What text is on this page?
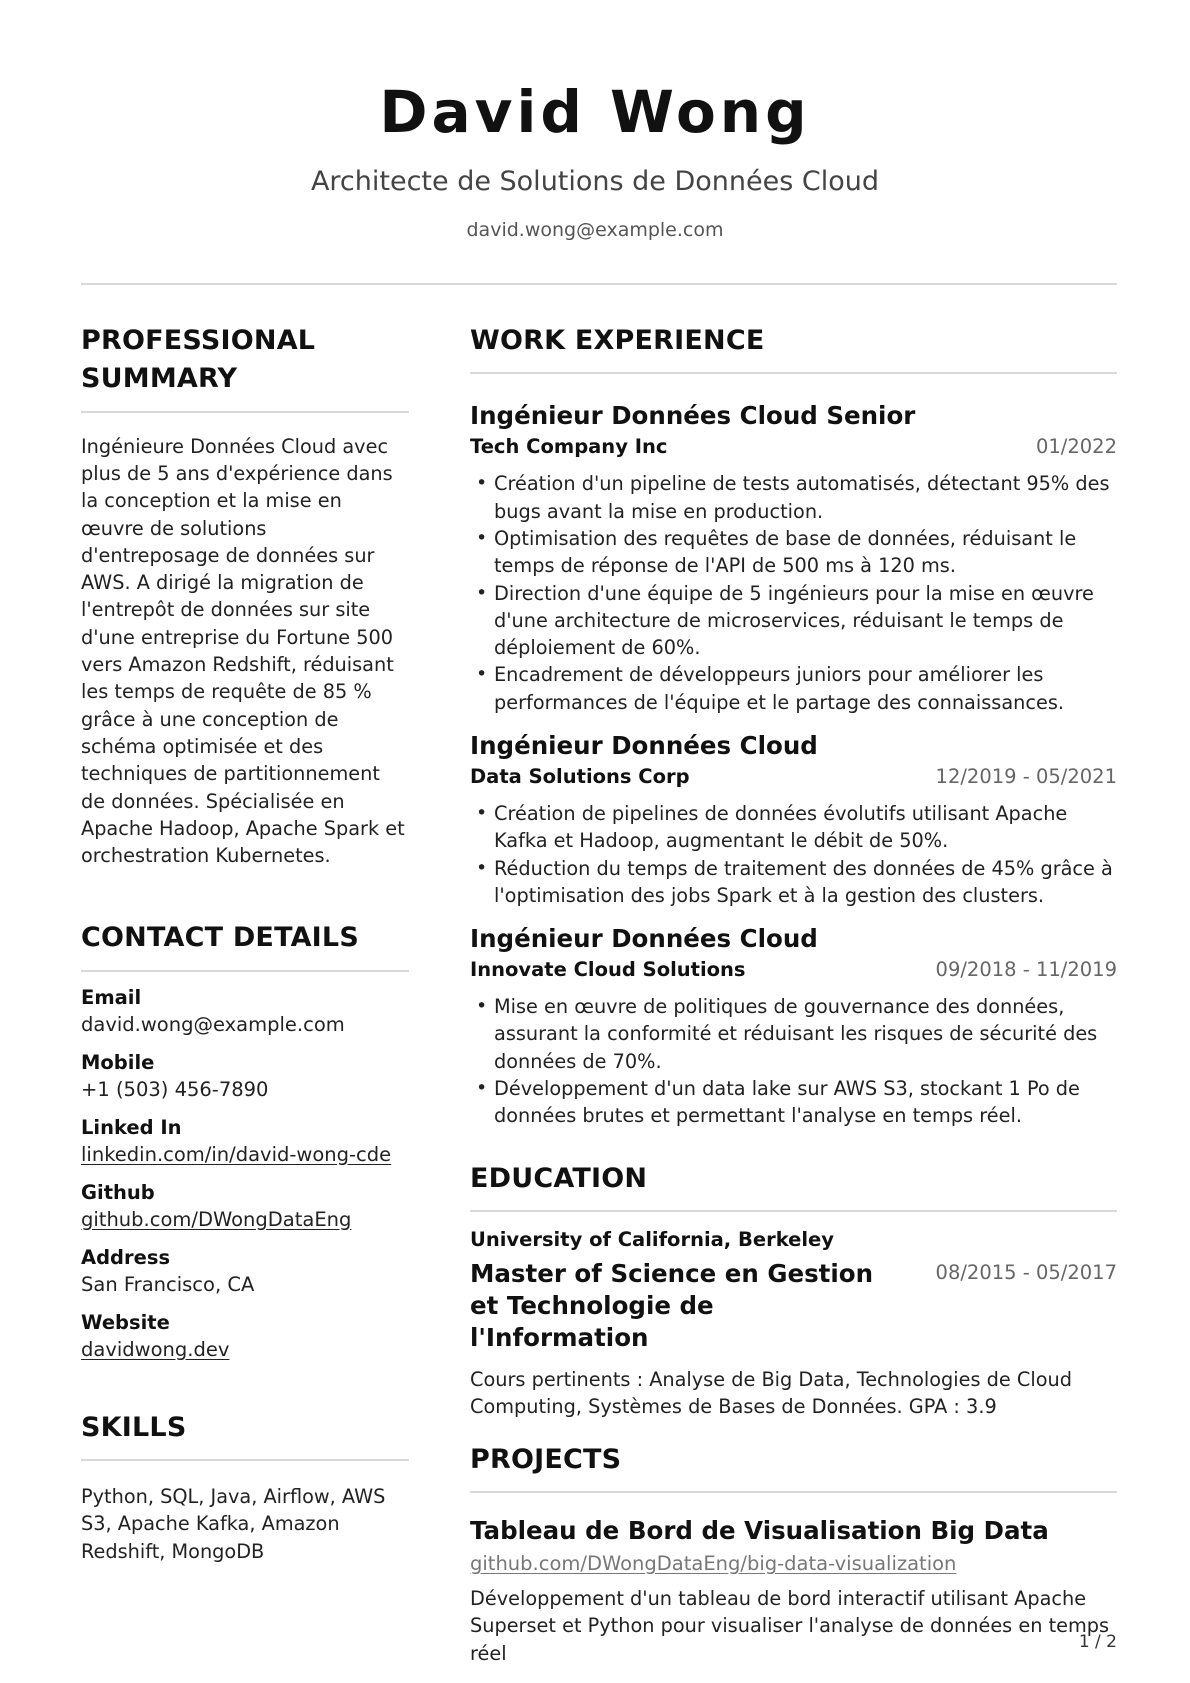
David Wong
Architecte de Solutions de Données Cloud
david.wong@example.com
PROFESSIONAL SUMMARY
Ingénieure Données Cloud avec plus de 5 ans d'expérience dans la conception et la mise en œuvre de solutions d'entreposage de données sur AWS. A dirigé la migration de l'entrepôt de données sur site d'une entreprise du Fortune 500 vers Amazon Redshift, réduisant les temps de requête de 85 % grâce à une conception de schéma optimisée et des techniques de partitionnement de données. Spécialisée en Apache Hadoop, Apache Spark et orchestration Kubernetes.
CONTACT DETAILS
Email
david.wong@example.com
Mobile
+1 (503) 456-7890
Linked In
linkedin.com/in/david-wong-cde
Github
github.com/DWongDataEng
Address
San Francisco, CA
Website
davidwong.dev
SKILLS
Python, SQL, Java, Airflow, AWS S3, Apache Kafka, Amazon Redshift, MongoDB
WORK EXPERIENCE
Ingénieur Données Cloud Senior
Tech Company Inc	01/2022
• Création d'un pipeline de tests automatisés, détectant 95% des bugs avant la mise en production.
• Optimisation des requêtes de base de données, réduisant le temps de réponse de l'API de 500 ms à 120 ms.
• Direction d'une équipe de 5 ingénieurs pour la mise en œuvre d'une architecture de microservices, réduisant le temps de déploiement de 60%.
• Encadrement de développeurs juniors pour améliorer les performances de l'équipe et le partage des connaissances.
Ingénieur Données Cloud
Data Solutions Corp	12/2019 - 05/2021
• Création de pipelines de données évolutifs utilisant Apache Kafka et Hadoop, augmentant le débit de 50%.
• Réduction du temps de traitement des données de 45% grâce à l'optimisation des jobs Spark et à la gestion des clusters.
Ingénieur Données Cloud
Innovate Cloud Solutions	09/2018 - 11/2019
• Mise en œuvre de politiques de gouvernance des données, assurant la conformité et réduisant les risques de sécurité des données de 70%.
• Développement d'un data lake sur AWS S3, stockant 1 Po de données brutes et permettant l'analyse en temps réel.
EDUCATION
University of California, Berkeley
Master of Science en Gestion et Technologie de l'Information
08/2015 - 05/2017
Cours pertinents : Analyse de Big Data, Technologies de Cloud Computing, Systèmes de Bases de Données. GPA : 3.9
PROJECTS
Tableau de Bord de Visualisation Big Data
github.com/DWongDataEng/big-data-visualization
Développement d'un tableau de bord interactif utilisant Apache Superset et Python pour visualiser l'analyse de données en temps réel	1 / 2
